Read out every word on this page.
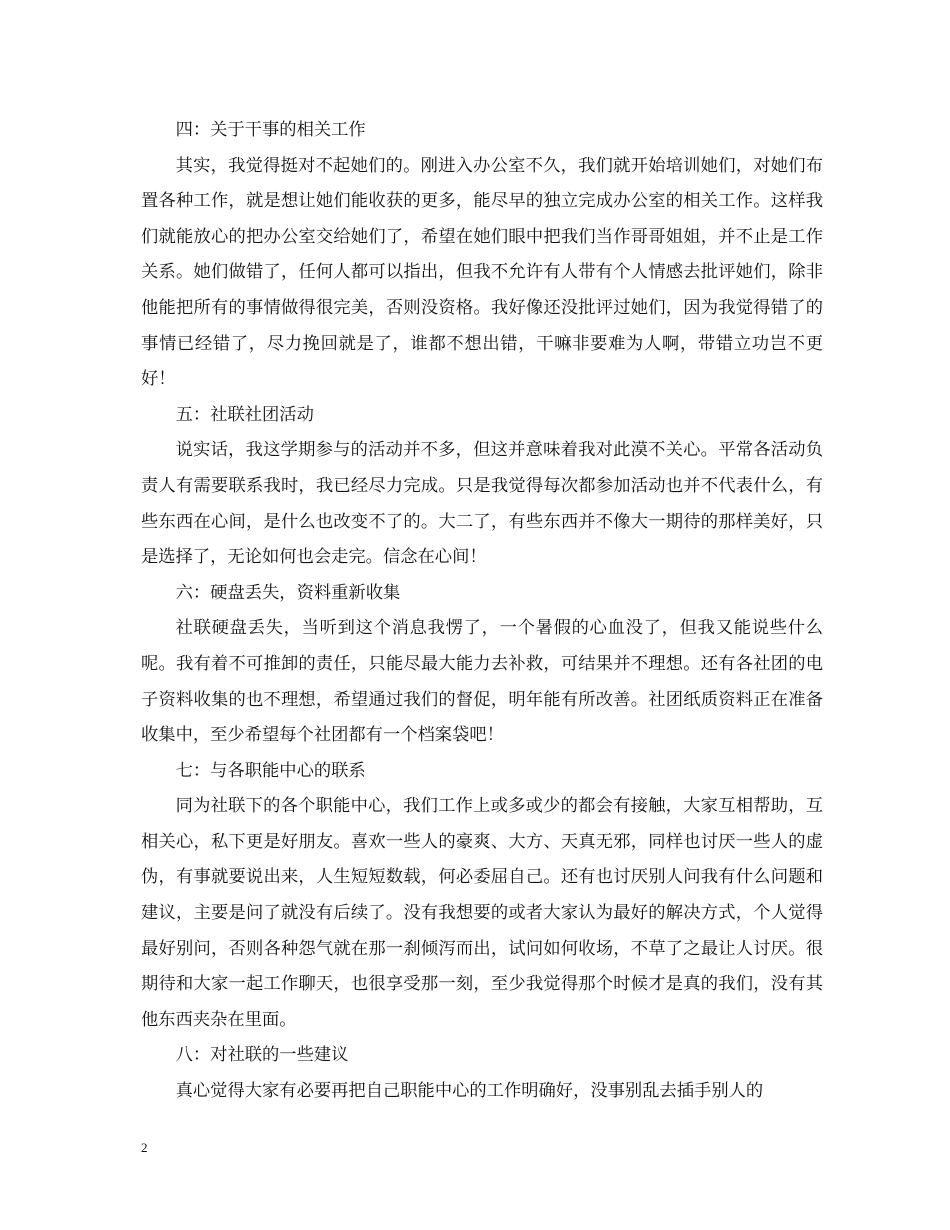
四：关于干事的相关工作

其实，我觉得挺对不起她们的。刚进入办公室不久，我们就开始培训她们，对她们布置各种工作，就是想让她们能收获的更多，能尽早的独立完成办公室的相关工作。这样我们就能放心的把办公室交给她们了，希望在她们眼中把我们当作哥哥姐姐，并不止是工作关系。她们做错了，任何人都可以指出，但我不允许有人带有个人情感去批评她们，除非他能把所有的事情做得很完美，否则没资格。我好像还没批评过她们，因为我觉得错了的事情已经错了，尽力挽回就是了，谁都不想出错，干嘛非要难为人啊，带错立功岂不更好！

五：社联社团活动

说实话，我这学期参与的活动并不多，但这并意味着我对此漠不关心。平常各活动负责人有需要联系我时，我已经尽力完成。只是我觉得每次都参加活动也并不代表什么，有些东西在心间，是什么也改变不了的。大二了，有些东西并不像大一期待的那样美好，只是选择了，无论如何也会走完。信念在心间！

六：硬盘丢失，资料重新收集

社联硬盘丢失，当听到这个消息我愣了，一个暑假的心血没了，但我又能说些什么呢。我有着不可推卸的责任，只能尽最大能力去补救，可结果并不理想。还有各社团的电子资料收集的也不理想，希望通过我们的督促，明年能有所改善。社团纸质资料正在准备收集中，至少希望每个社团都有一个档案袋吧！

七：与各职能中心的联系

同为社联下的各个职能中心，我们工作上或多或少的都会有接触，大家互相帮助，互相关心，私下更是好朋友。喜欢一些人的豪爽、大方、天真无邪，同样也讨厌一些人的虚伪，有事就要说出来，人生短短数载，何必委屈自己。还有也讨厌别人问我有什么问题和建议，主要是问了就没有后续了。没有我想要的或者大家认为最好的解决方式，个人觉得最好别问，否则各种怨气就在那一刹倾泻而出，试问如何收场，不草了之最让人讨厌。很期待和大家一起工作聊天，也很享受那一刻，至少我觉得那个时候才是真的我们，没有其他东西夹杂在里面。

八：对社联的一些建议

真心觉得大家有必要再把自己职能中心的工作明确好，没事别乱去插手别人的

2
